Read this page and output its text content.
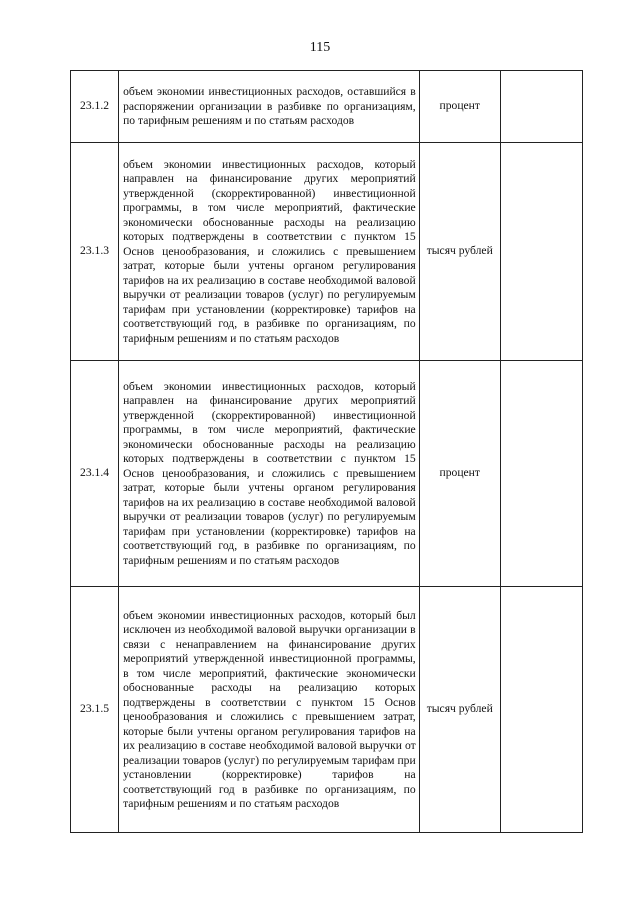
115
23.1.2	объем экономии инвестиционных расходов, оставшийся в распоряжении организации в разбивке по организациям, по тарифным решениям и по статьям расходов	процент	
23.1.3	объем экономии инвестиционных расходов, который направлен на финансирование других мероприятий утвержденной (скорректированной) инвестиционной программы, в том числе мероприятий, фактические экономически обоснованные расходы на реализацию которых подтверждены в соответствии с пунктом 15 Основ ценообразования, и сложились с превышением затрат, которые были учтены органом регулирования тарифов на их реализацию в составе необходимой валовой выручки от реализации товаров (услуг) по регулируемым тарифам при установлении (корректировке) тарифов на соответствующий год, в разбивке по организациям, по тарифным решениям и по статьям расходов	тысяч рублей	
23.1.4	объем экономии инвестиционных расходов, который направлен на финансирование других мероприятий утвержденной (скорректированной) инвестиционной программы, в том числе мероприятий, фактические экономически обоснованные расходы на реализацию которых подтверждены в соответствии с пунктом 15 Основ ценообразования, и сложились с превышением затрат, которые были учтены органом регулирования тарифов на их реализацию в составе необходимой валовой выручки от реализации товаров (услуг) по регулируемым тарифам при установлении (корректировке) тарифов на соответствующий год, в разбивке по организациям, по тарифным решениям и по статьям расходов	процент	
23.1.5	объем экономии инвестиционных расходов, который был исключен из необходимой валовой выручки организации в связи с ненаправлением на финансирование других мероприятий утвержденной инвестиционной программы, в том числе мероприятий, фактические экономически обоснованные расходы на реализацию которых подтверждены в соответствии с пунктом 15 Основ ценообразования и сложились с превышением затрат, которые были учтены органом регулирования тарифов на их реализацию в составе необходимой валовой выручки от реализации товаров (услуг) по регулируемым тарифам при установлении (корректировке) тарифов на соответствующий год в разбивке по организациям, по тарифным решениям и по статьям расходов	тысяч рублей	
